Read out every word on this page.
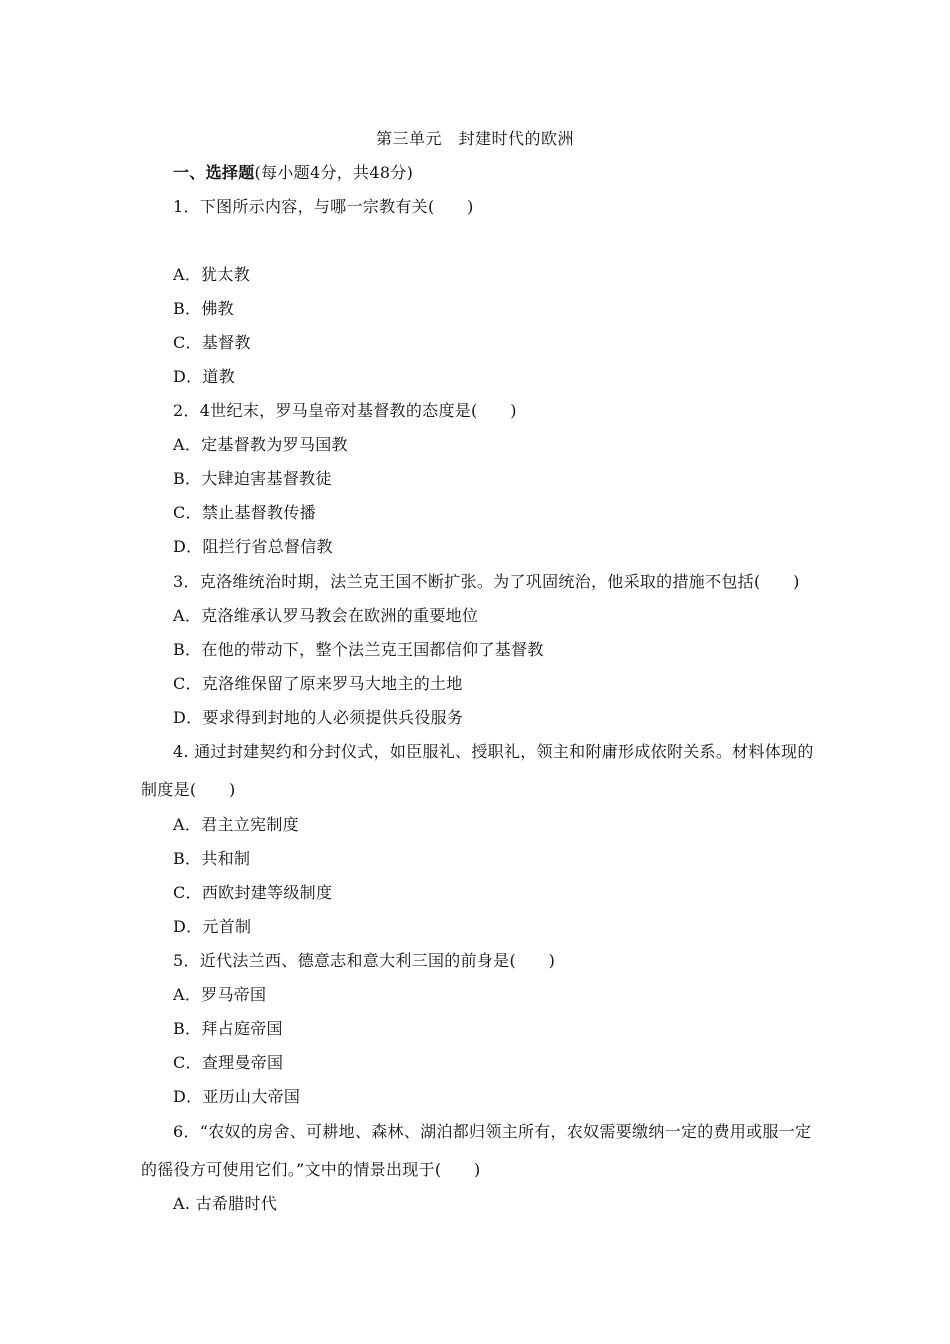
第三单元　封建时代的欧洲
一、选择题(每小题4分，共48分)
1．下图所示内容，与哪一宗教有关(　　)
A．犹太教
B．佛教
C．基督教
D．道教
2．4世纪末，罗马皇帝对基督教的态度是(　　)
A．定基督教为罗马国教
B．大肆迫害基督教徒
C．禁止基督教传播
D．阻拦行省总督信教
3．克洛维统治时期，法兰克王国不断扩张。为了巩固统治，他采取的措施不包括(　　)
A．克洛维承认罗马教会在欧洲的重要地位
B．在他的带动下，整个法兰克王国都信仰了基督教
C．克洛维保留了原来罗马大地主的土地
D．要求得到封地的人必须提供兵役服务
4. 通过封建契约和分封仪式，如臣服礼、授职礼，领主和附庸形成依附关系。材料体现的
制度是(　　)
A．君主立宪制度
B．共和制
C．西欧封建等级制度
D．元首制
5．近代法兰西、德意志和意大利三国的前身是(　　)
A．罗马帝国
B．拜占庭帝国
C．查理曼帝国
D．亚历山大帝国
6．“农奴的房舍、可耕地、森林、湖泊都归领主所有，农奴需要缴纳一定的费用或服一定
的徭役方可使用它们。”文中的情景出现于(　　)
A. 古希腊时代
